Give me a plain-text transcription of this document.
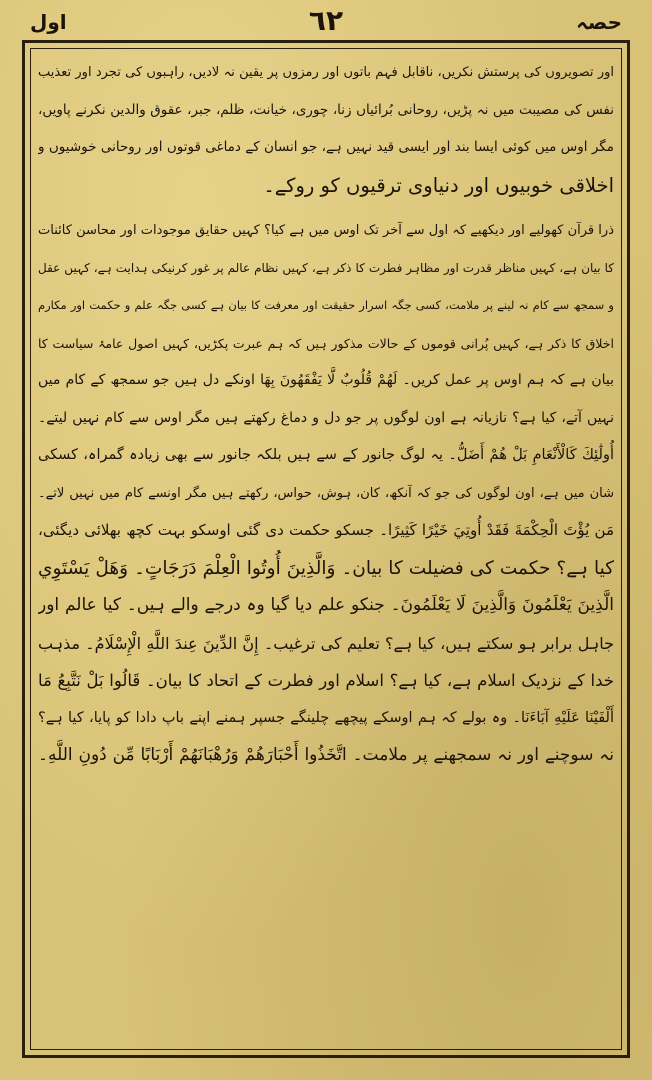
اول	٦٢	حصہ
اور تصویروں کی پرستش نکریں، ناقابل فہم باتوں اور رمزوں پر یقین نہ لادیں، راہبوں کی تجرد اور تعذیب
نفس کی مصیبت میں نہ پڑیں، روحانی بُرائیاں زنا، چوری، خیانت، ظلم، جبر، عقوق والدین نکرنے پاویں،
مگر اوس میں کوئی ایسا بند اور ایسی قید نہیں ہے، جو انسان کے دماغی قوتوں اور روحانی خوشیوں و
اخلاقی خوبیوں اور دنیاوی ترقیوں کو روکے۔
ذرا قرآن کھولیے اور دیکھیے کہ اول سے آخر تک اوس میں ہے کیا؟ کہیں حقایق موجودات اور محاسن کائنات
کا بیان ہے، کہیں مناظر قدرت اور مظاہر فطرت کا ذکر ہے، کہیں نظام عالم پر غور کرنیکی ہدایت ہے، کہیں عقل
و سمجھ سے کام نہ لینے پر ملامت، کسی جگہ اسرار حقیقت اور معرفت کا بیان ہے کسی جگہ علم و حکمت اور مکارم
اخلاق کا ذکر ہے، کہیں پُرانی قوموں کے حالات مذکور ہیں کہ ہم عبرت پکڑیں، کہیں اصول عامۂ سیاست کا
بیان ہے کہ ہم اوس پر عمل کریں۔ لَهُمْ قُلُوبٌ لَّا يَفْقَهُونَ بِهَا اونکے دل ہیں جو سمجھ کے کام میں
نہیں آتے، کیا ہے؟ نازیانہ ہے اون لوگوں پر جو دل و دماغ رکھتے ہیں مگر اوس سے کام نہیں لیتے۔
أُولَٰئِكَ كَالْأَنْعَامِ بَلْ هُمْ أَضَلُّ۔ یہ لوگ جانور کے سے ہیں بلکہ جانور سے بھی زیادہ گمراہ، کسکی
شان میں ہے، اون لوگوں کی جو کہ آنکھ، کان، ہوش، حواس، رکھتے ہیں مگر اونسے کام میں نہیں لاتے۔
مَن يُؤْتَ الْحِكْمَةَ فَقَدْ أُوتِيَ خَيْرًا كَثِيرًا۔ جسکو حکمت دی گئی اوسکو بہت کچھ بھلائی دیگئی،
کیا ہے؟ حکمت کی فضیلت کا بیان۔ وَالَّذِينَ أُوتُوا الْعِلْمَ دَرَجَاتٍ۔ وَهَلْ يَسْتَوِي
الَّذِينَ يَعْلَمُونَ وَالَّذِينَ لَا يَعْلَمُونَ۔ جنکو علم دیا گیا وہ درجے والے ہیں۔ کیا عالم اور
جاہل برابر ہو سکتے ہیں، کیا ہے؟ تعلیم کی ترغیب۔ إِنَّ الدِّينَ عِندَ اللَّهِ الْإِسْلَامُ۔ مذہب
خدا کے نزدیک اسلام ہے، کیا ہے؟ اسلام اور فطرت کے اتحاد کا بیان۔ قَالُوا بَلْ نَتَّبِعُ مَا
أَلْفَيْنَا عَلَيْهِ آبَاءَنَا۔ وہ بولے کہ ہم اوسکے پیچھے چلینگے جسپر ہمنے اپنے باپ دادا کو پایا، کیا ہے؟
نہ سوچنے اور نہ سمجھنے پر ملامت۔ اتَّخَذُوا أَحْبَارَهُمْ وَرُهْبَانَهُمْ أَرْبَابًا مِّن دُونِ اللَّهِ۔
